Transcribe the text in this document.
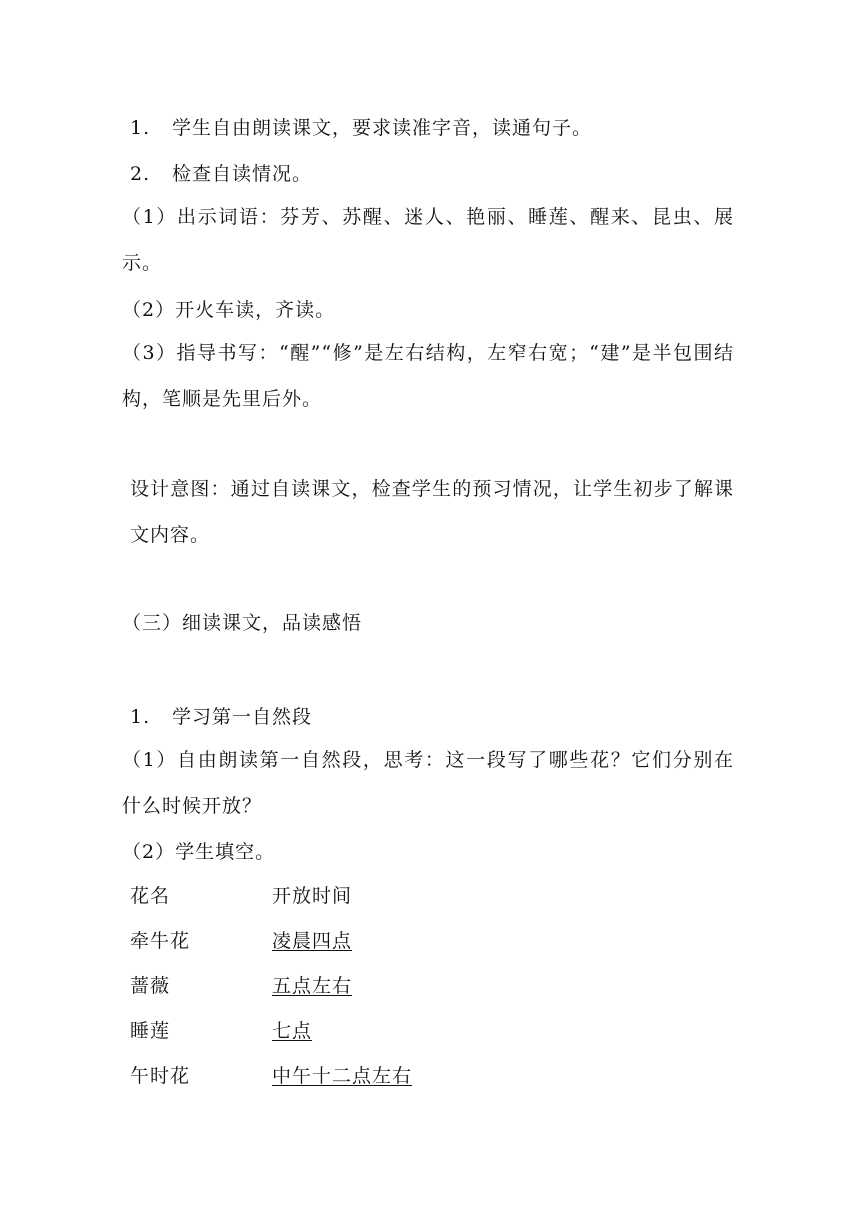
1. 学生自由朗读课文，要求读准字音，读通句子。
2. 检查自读情况。
（1）出示词语：芬芳、苏醒、迷人、艳丽、睡莲、醒来、昆虫、展示。
（2）开火车读，齐读。
（3）指导书写：“醒”“修”是左右结构，左窄右宽；“建”是半包围结构，笔顺是先里后外。
设计意图：通过自读课文，检查学生的预习情况，让学生初步了解课文内容。
（三）细读课文，品读感悟
1. 学习第一自然段
（1）自由朗读第一自然段，思考：这一段写了哪些花？它们分别在什么时候开放？
（2）学生填空。
花名	开放时间
牵牛花	凌晨四点
蔷薇	五点左右
睡莲	七点
午时花	中午十二点左右
